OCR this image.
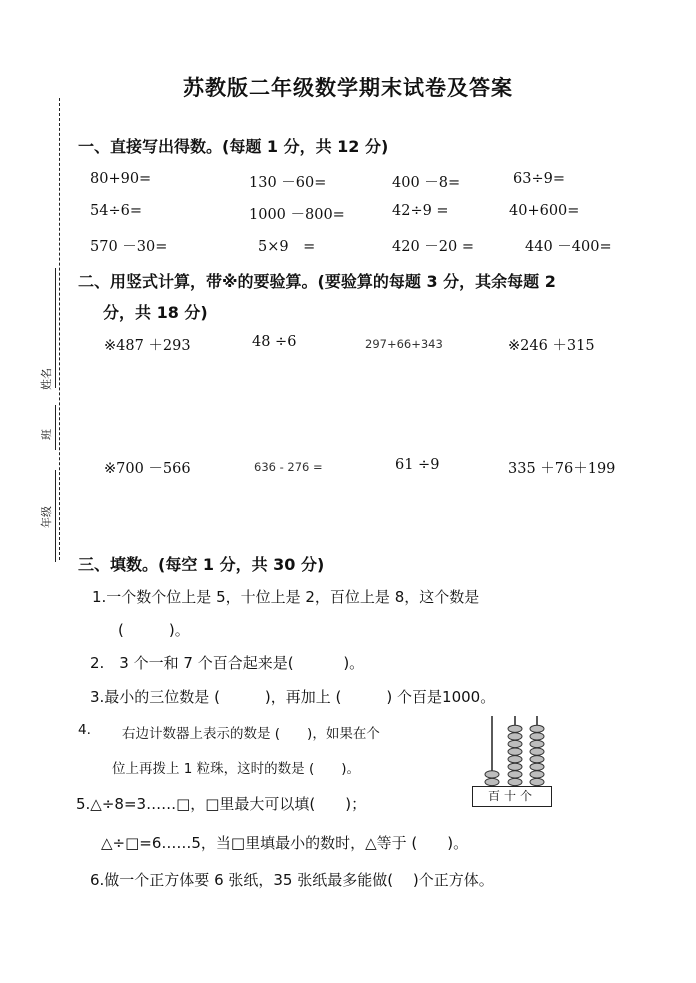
苏教版二年级数学期末试卷及答案
姓名
班
年级
一、直接写出得数。(每题 1 分，共 12 分)
80+90=	130 －60=	400 －8=	63÷9=
54÷6=	1000 －800=	42÷9 =	40+600=
570 －30=	5×9　=	420 －20 =	440 －400=
二、用竖式计算，带※的要验算。(要验算的每题 3 分，其余每题 2
分，共 18 分)
※487 ＋293	48 ÷6	297+66+343	※246 ＋315
※700 －566	636 - 276 =	61 ÷9	335 ＋76＋199
三、填数。(每空 1 分，共 30 分)
1.一个数个位上是 5，十位上是 2，百位上是 8，这个数是
(　　　)。
2.　3 个一和 7 个百合起来是(　　　 )。
3.最小的三位数是 (　　　)，再加上 (　　　) 个百是1000。
4. 右边计数器上表示的数是 (　　)，如果在个
位上再拨上 1 粒珠，这时的数是 (　　)。
百十个
5.△÷8=3……□，□里最大可以填(　　)；
△÷□=6……5，当□里填最小的数时，△等于 (　　)。
6.做一个正方体要 6 张纸，35 张纸最多能做(　 )个正方体。
